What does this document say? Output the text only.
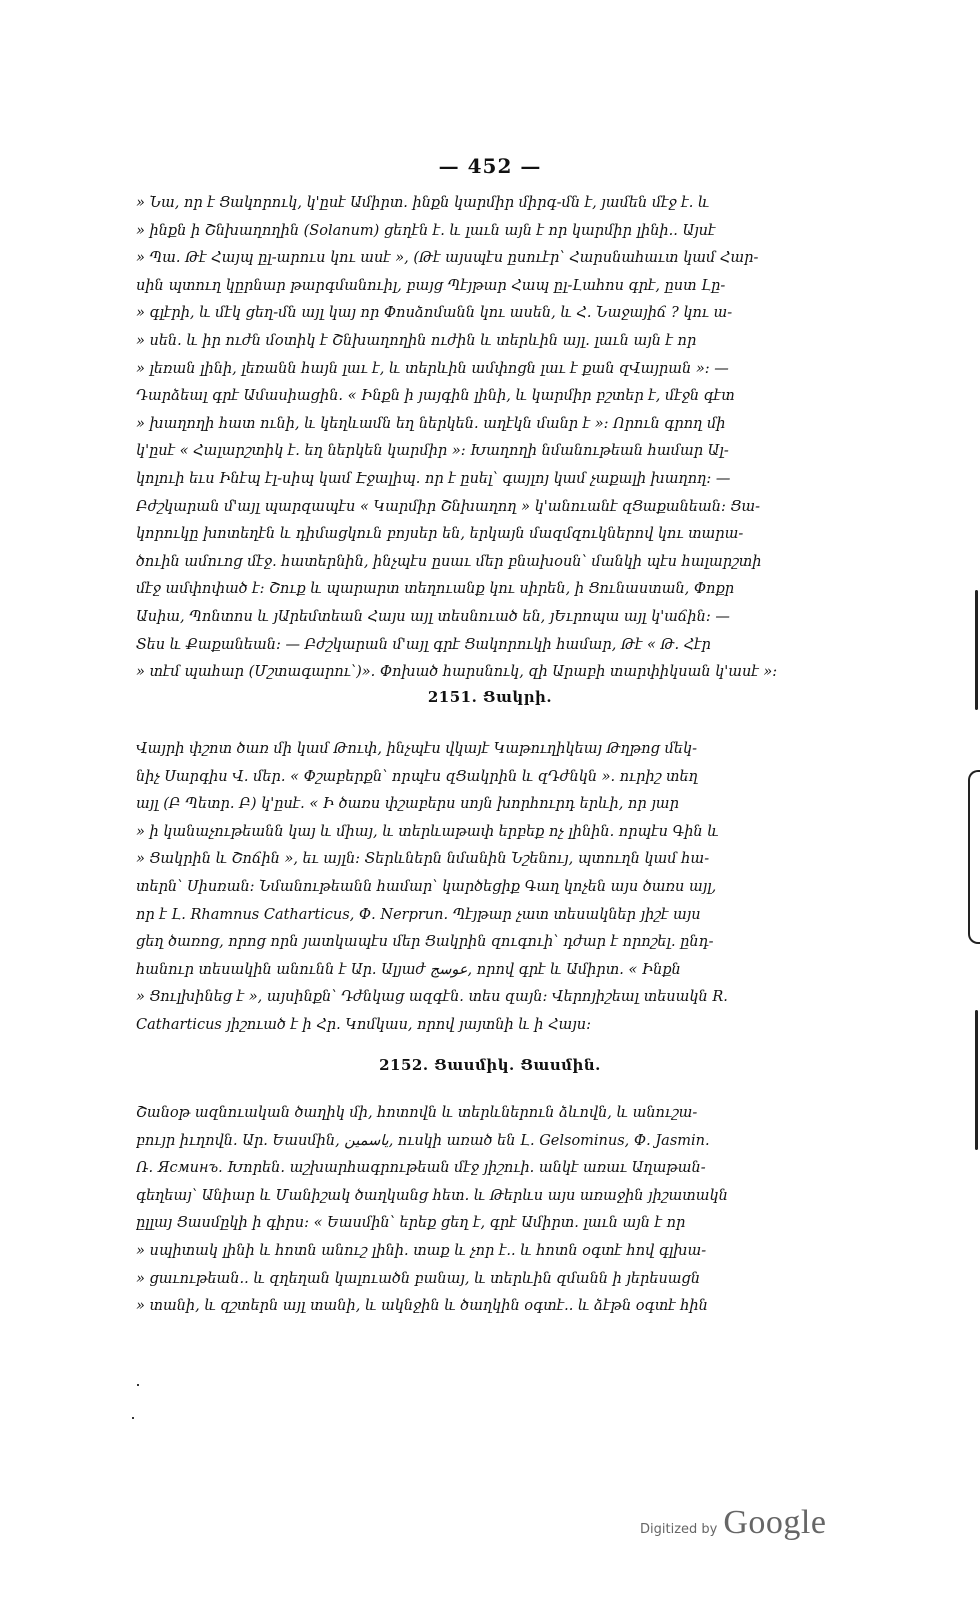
— 452 —
» Նա, որ է Ցակորուկ, կ'ըսէ Ամիրտ. ինքն կարմիր միրգ-մն է, յամեն մէջ է. և
» ինքն ի Շնխաղողին (Solanum) ցեղէն է. և լաւն այն է որ կարմիր լինի.. Այսէ
» Պա. Թէ Հայպ ըլ-արուս կու ասէ », (Թէ այսպէս ըսուէր՝ Հարսնահաւտ կամ Հար-
սին պտուղ կըրնար թարգմանուիլ, բայց Պէյթար Հապ ըլ-Լահոս գրէ, ըստ Լը-
» գլէրի, և մէկ ցեղ-մն այլ կայ որ Փոսձոմանն կու ասեն, և Հ. Նաջայիճ ? կու ա-
» սեն. և իր ուժն մօտիկ է Շնխաղողին ուժին և տերևին այլ. լաւն այն է որ
» լեռան լինի, լեռանն հայն լաւ է, և տերևին ամփոցն լաւ է քան զՎայրան »: —
Դարձեալ գրէ Ամասիացին. « Ինքն ի յայգին լինի, և կարմիր բշտեր է, մէջն գէտ
» խաղողի հատ ունի, և կեղևամն եղ ներկեն. աղէկն մանր է »: Որուն գրող մի
կ'ըսէ « Հալարշտիկ է. եղ ներկեն կարմիր »: Խաղողի նմանութեան համար Ալ-
կոլուի եւս Ինէպ էլ-սիպ կամ Էջալիպ. որ է ըսել՝ գայլոյ կամ չաքալի խաղող: —
Բժշկարան մ'այլ պարզապէս « Կարմիր Շնխաղող » կ'անուանէ զՑաքանեան: Ցա-
կորուկը խոտեղէն և դիմացկուն բոյսեր են, երկայն մազմզուկներով կու տարա-
ծուին ամուոց մէջ. հատերնին, ինչպէս ըսաւ մեր բնախօսն՝ մանկի պէս հալարշտի
մէջ ամփոփած է: Շուք և պարարտ տեղուանք կու սիրեն, ի Ցունաստան, Փոքր
Ասիա, Պոնտոս և յԱրեմտեան Հայս այլ տեսնուած են, յԵւրոպա այլ կ'աճին: —
Տես և Քաքանեան: — Բժշկարան մ'այլ գրէ Ցակորուկի համար, Թէ « Թ. Հէր
» տէմ պահար (Մշտագարու՝)». Փոխած հարսնուկ, զի Արաբի տարփիկսան կ'ասէ »:
2151. Ցակրի.
Վայրի փշոտ ծառ մի կամ Թուփ, ինչպէս վկայէ Կաթուղիկեայ Թղթոց մեկ-
նիչ Սարգիս Վ. մեր. « Փշաբերքն՝ որպէս զՑակրին և զԴժնկն ». ուրիշ տեղ
այլ (Բ Պետր. Բ) կ'ըսէ. « Ի ծառս փշաբերս սոյն խորհուրդ երևի, որ յար
» ի կանաչութեանն կայ և միայ, և տերևաթափ երբեք ոչ լինին. որպէս Գին և
» Ցակրին և Շոճին », եւ այլն: Տերևներն նմանին Նշենույ, պտուղն կամ հա-
տերն՝ Սիսռան: Նմանութեանն համար՝ կարծեցիք Գաղ կոչեն այս ծառս այլ,
որ է Լ. Rhamnus Catharticus, Փ. Nerprun. Պէյթար չատ տեսակներ յիշէ այս
ցեղ ծառոց, որոց որն յատկապէս մեր Ցակրին զուգուի՝ դժար է որոշել. ընդ-
հանուր տեսակին անունն է Ար. Ալյաժ عوسج, որով գրէ և Ամիրտ. « Ինքն
» Ցուլխինեց է », այսինքն՝ Դժնկաց ազգէն. տես զայն: Վերոյիշեալ տեսակն R.
Catharticus յիշուած է ի Հր. Կոմկաս, որով յայտնի և ի Հայս:
2152. Ցասմիկ. Ցասմին.
Շանօթ ազնուական ծաղիկ մի, հոտովն և տերևներուն ձևովն, և անուշա-
բույր իւղովն. Ար. Եասմին, یاسمین, ուսկի առած են Լ. Gelsominus, Փ. Jasmin.
Ռ. Ясминъ. Խորեն. աշխարհագրութեան մէջ յիշուի. անկէ առաւ Աղաթան-
գեղեայ՝ Անիար և Մանիշակ ծաղկանց հետ. և Թերևս այս առաջին յիշատակն
ըլլայ Ցասմըկի ի գիրս: « Եասմին՝ երեք ցեղ է, գրէ Ամիրտ. լաւն այն է որ
» սպիտակ լինի և հոտն անուշ լինի. տաք և չոր է.. և հոտն օգտէ հով գլխա-
» ցաւութեան.. և զղեղան կալուածն բանայ, և տերևին զմանն ի յերեսացն
» տանի, և զշտերն այլ տանի, և ակնջին և ծաղկին օգտէ.. և ձէթն օգտէ հին
Digitized by Google
